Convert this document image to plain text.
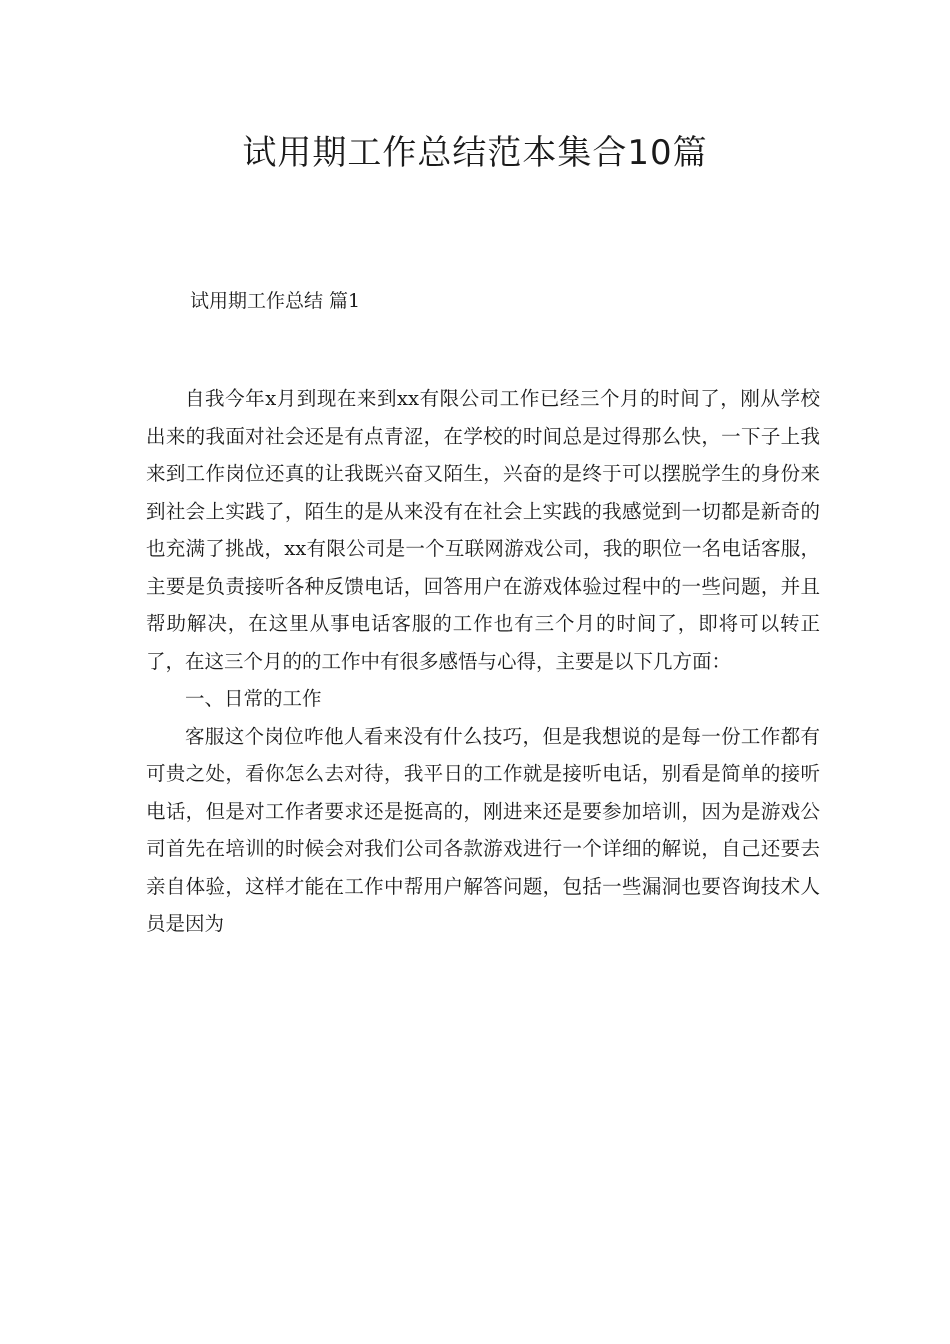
试用期工作总结范本集合10篇

试用期工作总结 篇1

自我今年x月到现在来到xx有限公司工作已经三个月的时间了，刚从学校出来的我面对社会还是有点青涩，在学校的时间总是过得那么快，一下子上我来到工作岗位还真的让我既兴奋又陌生，兴奋的是终于可以摆脱学生的身份来到社会上实践了，陌生的是从来没有在社会上实践的我感觉到一切都是新奇的也充满了挑战，xx有限公司是一个互联网游戏公司，我的职位一名电话客服，主要是负责接听各种反馈电话，回答用户在游戏体验过程中的一些问题，并且帮助解决，在这里从事电话客服的工作也有三个月的时间了，即将可以转正了，在这三个月的的工作中有很多感悟与心得，主要是以下几方面：

一、日常的工作

客服这个岗位咋他人看来没有什么技巧，但是我想说的是每一份工作都有可贵之处，看你怎么去对待，我平日的工作就是接听电话，别看是简单的接听电话，但是对工作者要求还是挺高的，刚进来还是要参加培训，因为是游戏公司首先在培训的时候会对我们公司各款游戏进行一个详细的解说，自己还要去亲自体验，这样才能在工作中帮用户解答问题，包括一些漏洞也要咨询技术人员是因为
